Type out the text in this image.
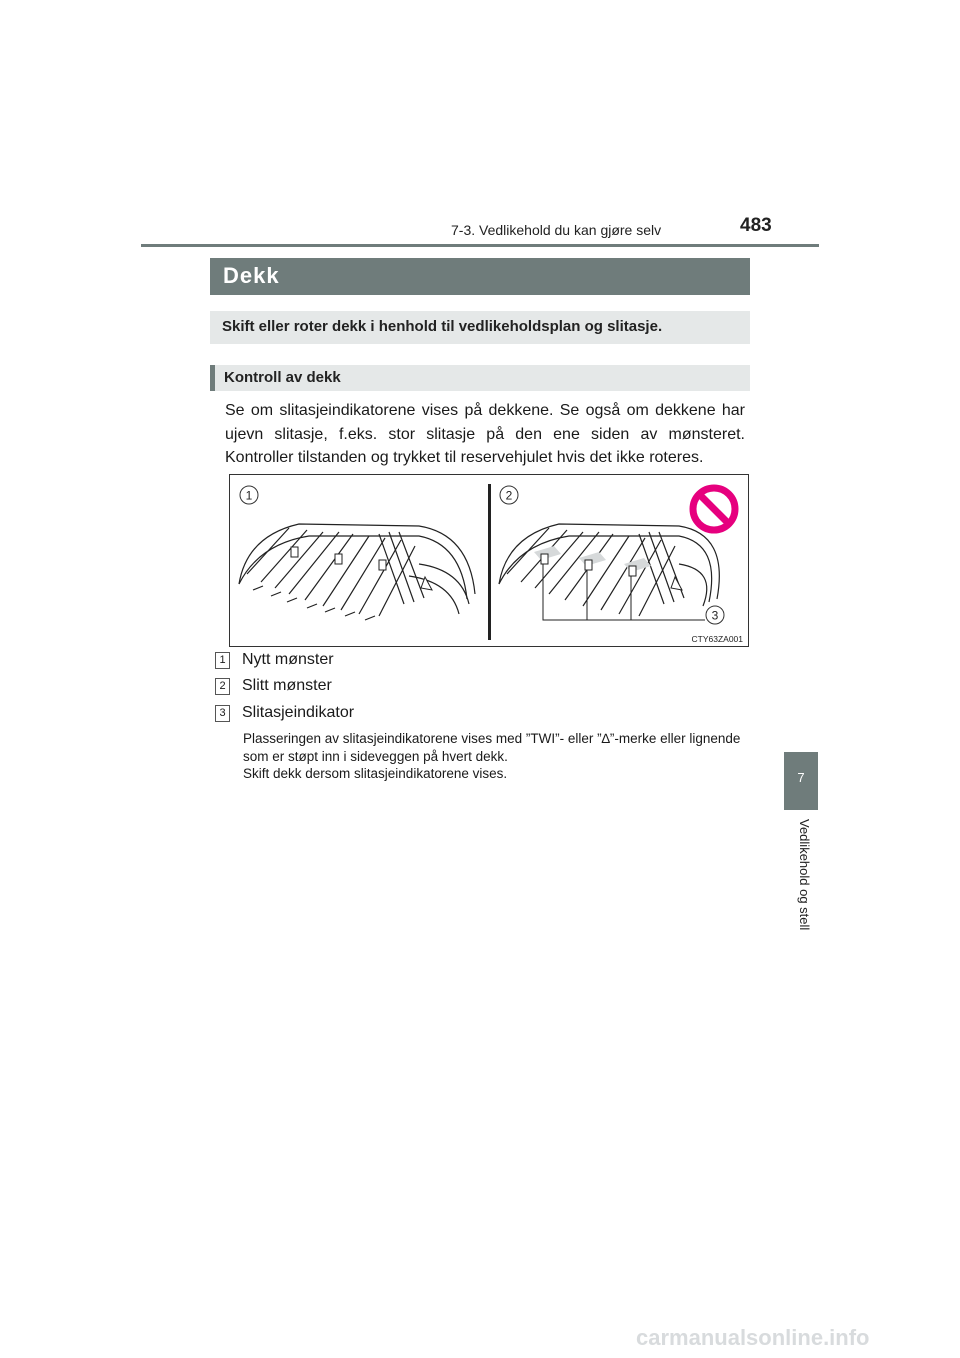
7-3. Vedlikehold du kan gjøre selv	483
7
Vedlikehold og stell
Dekk
Skift eller roter dekk i henhold til vedlikeholdsplan og slitasje.
Kontroll av dekk
Se om slitasjeindikatorene vises på dekkene. Se også om dekkene har ujevn slitasje, f.eks. stor slitasje på den ene siden av mønsteret. Kontroller tilstanden og trykket til reservehjulet hvis det ikke roteres.
1	2
3
CTY63ZA001
1 Nytt mønster
2 Slitt mønster
3 Slitasjeindikator

Plasseringen av slitasjeindikatorene vises med ”TWI”- eller ”∆”-merke eller lignende som er støpt inn i sideveggen på hvert dekk.

Skift dekk dersom slitasjeindikatorene vises.

carmanualsonline.info
